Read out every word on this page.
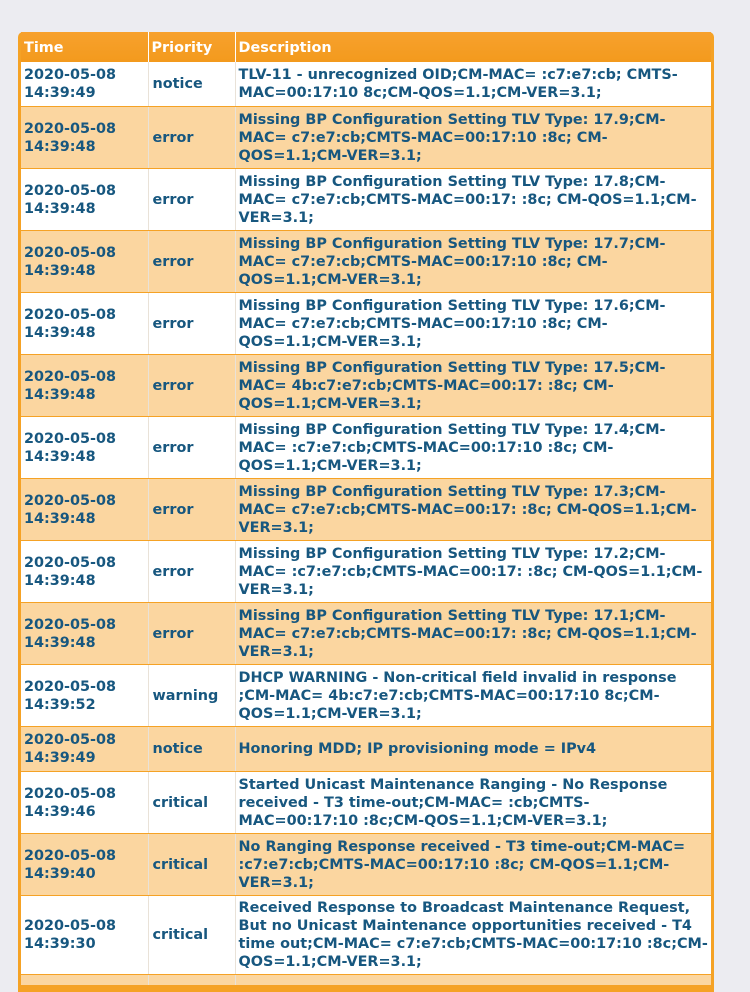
Time	Priority	Description

2020-05-08
14:39:49	notice	TLV-11 - unrecognized OID;CM-MAC= :c7:e7:cb; CMTS-MAC=00:17:10 8c;CM-QOS=1.1;CM-VER=3.1;

2020-05-08
14:39:48	error	Missing BP Configuration Setting TLV Type: 17.9;CM-MAC= c7:e7:cb;CMTS-MAC=00:17:10 :8c; CM-QOS=1.1;CM-VER=3.1;

2020-05-08
14:39:48	error	Missing BP Configuration Setting TLV Type: 17.8;CM-MAC= c7:e7:cb;CMTS-MAC=00:17: :8c; CM-QOS=1.1;CM-VER=3.1;

2020-05-08
14:39:48	error	Missing BP Configuration Setting TLV Type: 17.7;CM-MAC= c7:e7:cb;CMTS-MAC=00:17:10 :8c; CM-QOS=1.1;CM-VER=3.1;

2020-05-08
14:39:48	error	Missing BP Configuration Setting TLV Type: 17.6;CM-MAC= c7:e7:cb;CMTS-MAC=00:17:10 :8c; CM-QOS=1.1;CM-VER=3.1;

2020-05-08
14:39:48	error	Missing BP Configuration Setting TLV Type: 17.5;CM-MAC= 4b:c7:e7:cb;CMTS-MAC=00:17: :8c; CM-QOS=1.1;CM-VER=3.1;

2020-05-08
14:39:48	error	Missing BP Configuration Setting TLV Type: 17.4;CM-MAC= :c7:e7:cb;CMTS-MAC=00:17:10 :8c; CM-QOS=1.1;CM-VER=3.1;

2020-05-08
14:39:48	error	Missing BP Configuration Setting TLV Type: 17.3;CM-MAC= c7:e7:cb;CMTS-MAC=00:17: :8c; CM-QOS=1.1;CM-VER=3.1;

2020-05-08
14:39:48	error	Missing BP Configuration Setting TLV Type: 17.2;CM-MAC= :c7:e7:cb;CMTS-MAC=00:17: :8c; CM-QOS=1.1;CM-VER=3.1;

2020-05-08
14:39:48	error	Missing BP Configuration Setting TLV Type: 17.1;CM-MAC= c7:e7:cb;CMTS-MAC=00:17: :8c; CM-QOS=1.1;CM-VER=3.1;

2020-05-08
14:39:52	warning	DHCP WARNING - Non-critical field invalid in response ;CM-MAC= 4b:c7:e7:cb;CMTS-MAC=00:17:10 8c;CM-QOS=1.1;CM-VER=3.1;

2020-05-08
14:39:49	notice	Honoring MDD; IP provisioning mode = IPv4

2020-05-08
14:39:46	critical	Started Unicast Maintenance Ranging - No Response received - T3 time-out;CM-MAC= :cb;CMTS-MAC=00:17:10 :8c;CM-QOS=1.1;CM-VER=3.1;

2020-05-08
14:39:40	critical	No Ranging Response received - T3 time-out;CM-MAC= :c7:e7:cb;CMTS-MAC=00:17:10 :8c; CM-QOS=1.1;CM-VER=3.1;

2020-05-08
14:39:30	critical	Received Response to Broadcast Maintenance Request, But no Unicast Maintenance opportunities received - T4 time out;CM-MAC= c7:e7:cb;CMTS-MAC=00:17:10 :8c;CM-QOS=1.1;CM-VER=3.1;
